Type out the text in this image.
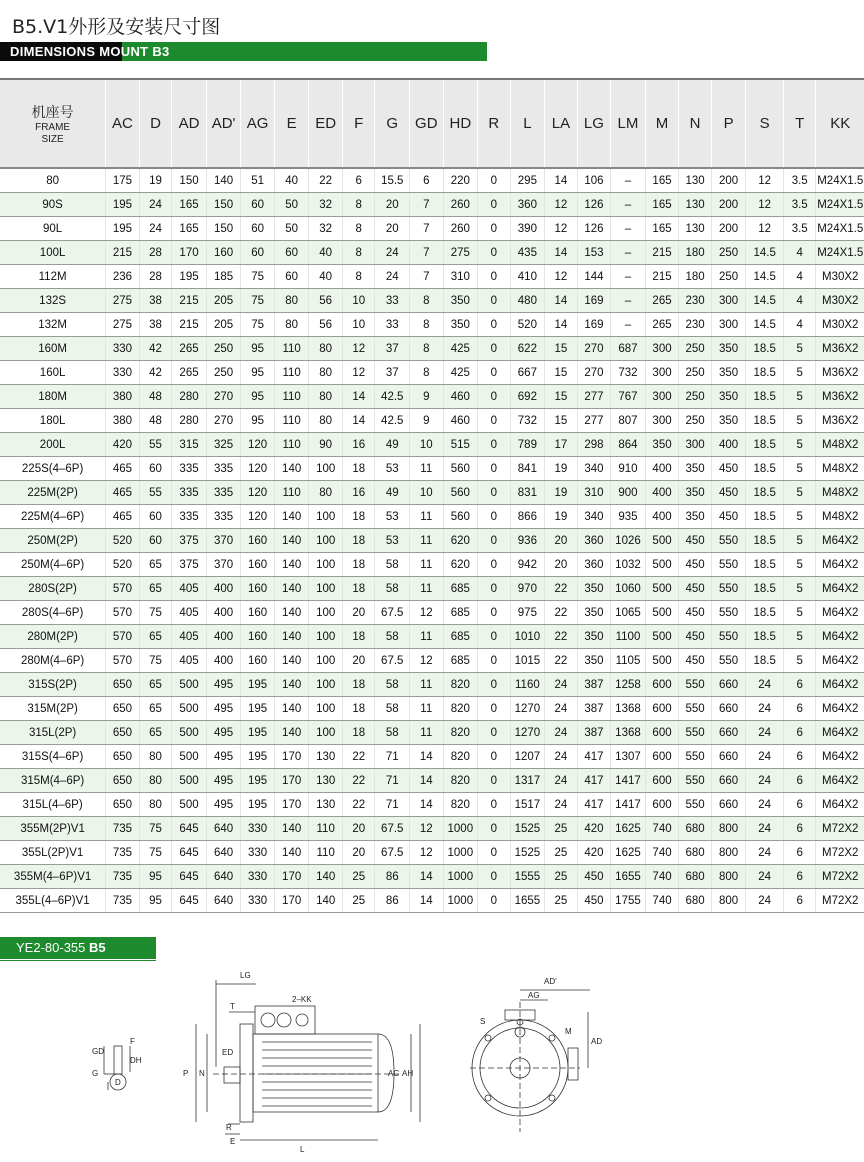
B5.V1外形及安装尺寸图
DIMENSIONS MOUNT B3
机座号
FRAME
SIZE	AC	D	AD	AD'	AG	E	ED	F	G	GD	HD	R	L	LA	LG	LM	M	N	P	S	T	KK
80	175	19	150	140	51	40	22	6	15.5	6	220	0	295	14	106	–	165	130	200	12	3.5	M24X1.5
90S	195	24	165	150	60	50	32	8	20	7	260	0	360	12	126	–	165	130	200	12	3.5	M24X1.5
90L	195	24	165	150	60	50	32	8	20	7	260	0	390	12	126	–	165	130	200	12	3.5	M24X1.5
100L	215	28	170	160	60	60	40	8	24	7	275	0	435	14	153	–	215	180	250	14.5	4	M24X1.5
112M	236	28	195	185	75	60	40	8	24	7	310	0	410	12	144	–	215	180	250	14.5	4	M30X2
132S	275	38	215	205	75	80	56	10	33	8	350	0	480	14	169	–	265	230	300	14.5	4	M30X2
132M	275	38	215	205	75	80	56	10	33	8	350	0	520	14	169	–	265	230	300	14.5	4	M30X2
160M	330	42	265	250	95	110	80	12	37	8	425	0	622	15	270	687	300	250	350	18.5	5	M36X2
160L	330	42	265	250	95	110	80	12	37	8	425	0	667	15	270	732	300	250	350	18.5	5	M36X2
180M	380	48	280	270	95	110	80	14	42.5	9	460	0	692	15	277	767	300	250	350	18.5	5	M36X2
180L	380	48	280	270	95	110	80	14	42.5	9	460	0	732	15	277	807	300	250	350	18.5	5	M36X2
200L	420	55	315	325	120	110	90	16	49	10	515	0	789	17	298	864	350	300	400	18.5	5	M48X2
225S(4–6P)	465	60	335	335	120	140	100	18	53	11	560	0	841	19	340	910	400	350	450	18.5	5	M48X2
225M(2P)	465	55	335	335	120	110	80	16	49	10	560	0	831	19	310	900	400	350	450	18.5	5	M48X2
225M(4–6P)	465	60	335	335	120	140	100	18	53	11	560	0	866	19	340	935	400	350	450	18.5	5	M48X2
250M(2P)	520	60	375	370	160	140	100	18	53	11	620	0	936	20	360	1026	500	450	550	18.5	5	M64X2
250M(4–6P)	520	65	375	370	160	140	100	18	58	11	620	0	942	20	360	1032	500	450	550	18.5	5	M64X2
280S(2P)	570	65	405	400	160	140	100	18	58	11	685	0	970	22	350	1060	500	450	550	18.5	5	M64X2
280S(4–6P)	570	75	405	400	160	140	100	20	67.5	12	685	0	975	22	350	1065	500	450	550	18.5	5	M64X2
280M(2P)	570	65	405	400	160	140	100	18	58	11	685	0	1010	22	350	1100	500	450	550	18.5	5	M64X2
280M(4–6P)	570	75	405	400	160	140	100	20	67.5	12	685	0	1015	22	350	1105	500	450	550	18.5	5	M64X2
315S(2P)	650	65	500	495	195	140	100	18	58	11	820	0	1160	24	387	1258	600	550	660	24	6	M64X2
315M(2P)	650	65	500	495	195	140	100	18	58	11	820	0	1270	24	387	1368	600	550	660	24	6	M64X2
315L(2P)	650	65	500	495	195	140	100	18	58	11	820	0	1270	24	387	1368	600	550	660	24	6	M64X2
315S(4–6P)	650	80	500	495	195	170	130	22	71	14	820	0	1207	24	417	1307	600	550	660	24	6	M64X2
315M(4–6P)	650	80	500	495	195	170	130	22	71	14	820	0	1317	24	417	1417	600	550	660	24	6	M64X2
315L(4–6P)	650	80	500	495	195	170	130	22	71	14	820	0	1517	24	417	1417	600	550	660	24	6	M64X2
355M(2P)V1	735	75	645	640	330	140	110	20	67.5	12	1000	0	1525	25	420	1625	740	680	800	24	6	M72X2
355L(2P)V1	735	75	645	640	330	140	110	20	67.5	12	1000	0	1525	25	420	1625	740	680	800	24	6	M72X2
355M(4–6P)V1	735	95	645	640	330	170	140	25	86	14	1000	0	1555	25	450	1655	740	680	800	24	6	M72X2
355L(4–6P)V1	735	95	645	640	330	170	140	25	86	14	1000	0	1655	25	450	1755	740	680	800	24	6	M72X2
YE2-80-355 B5
LG
2–KK
T
ED
P N	AC AH
R
E
L
GD
F
DH
G
D
AD'
AG
S
M
AD
